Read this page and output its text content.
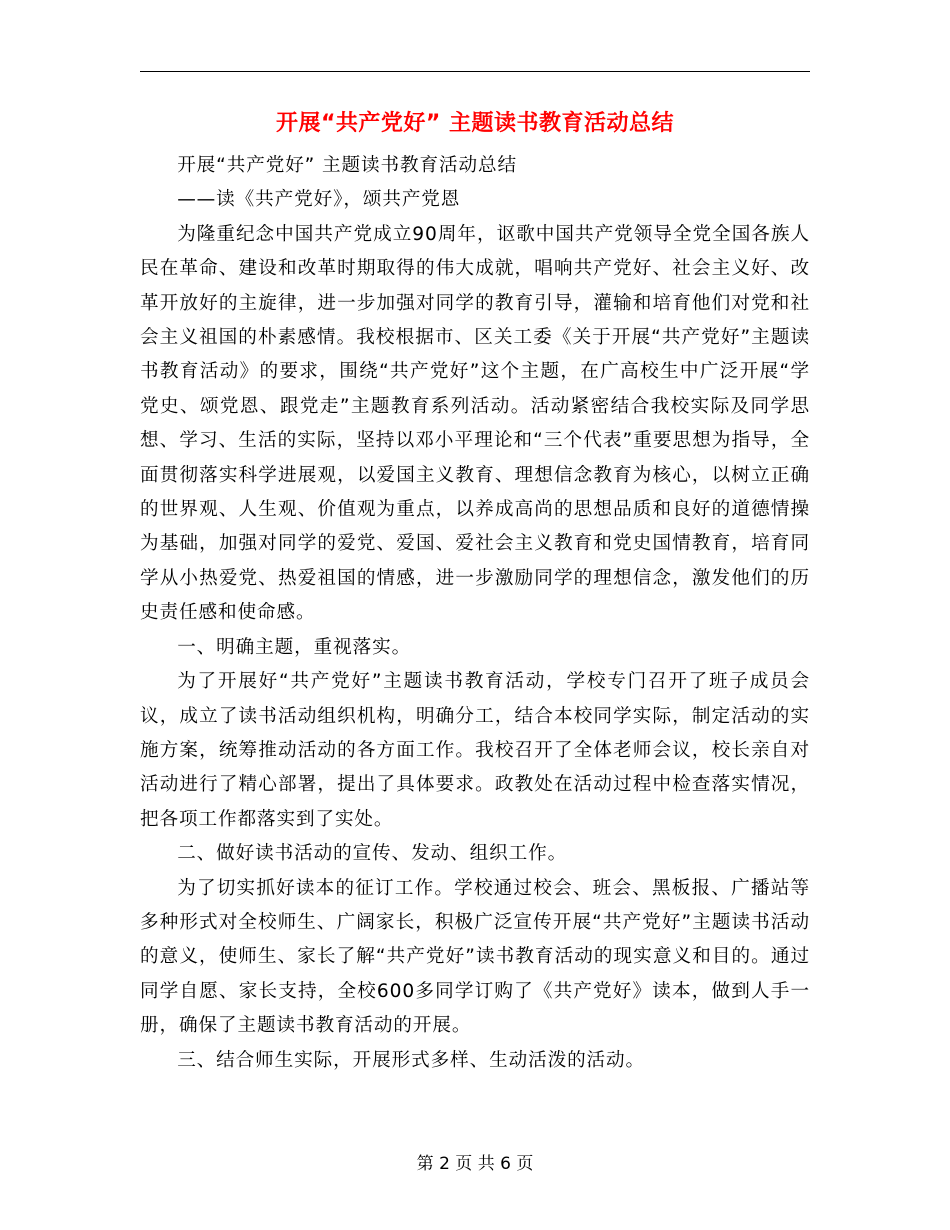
开展“共产党好” 主题读书教育活动总结

开展“共产党好” 主题读书教育活动总结

——读《共产党好》，颂共产党恩

为隆重纪念中国共产党成立90周年，讴歌中国共产党领导全党全国各族人民在革命、建设和改革时期取得的伟大成就，唱响共产党好、社会主义好、改革开放好的主旋律，进一步加强对同学的教育引导，灌输和培育他们对党和社会主义祖国的朴素感情。我校根据市、区关工委《关于开展“共产党好”主题读书教育活动》的要求，围绕“共产党好”这个主题，在广高校生中广泛开展“学党史、颂党恩、跟党走”主题教育系列活动。活动紧密结合我校实际及同学思想、学习、生活的实际，坚持以邓小平理论和“三个代表”重要思想为指导，全面贯彻落实科学进展观，以爱国主义教育、理想信念教育为核心，以树立正确的世界观、人生观、价值观为重点，以养成高尚的思想品质和良好的道德情操为基础，加强对同学的爱党、爱国、爱社会主义教育和党史国情教育，培育同学从小热爱党、热爱祖国的情感，进一步激励同学的理想信念，激发他们的历史责任感和使命感。

一、明确主题，重视落实。

为了开展好“共产党好”主题读书教育活动，学校专门召开了班子成员会议，成立了读书活动组织机构，明确分工，结合本校同学实际，制定活动的实施方案，统筹推动活动的各方面工作。我校召开了全体老师会议，校长亲自对活动进行了精心部署，提出了具体要求。政教处在活动过程中检查落实情况，把各项工作都落实到了实处。

二、做好读书活动的宣传、发动、组织工作。

为了切实抓好读本的征订工作。学校通过校会、班会、黑板报、广播站等多种形式对全校师生、广阔家长，积极广泛宣传开展“共产党好”主题读书活动的意义，使师生、家长了解“共产党好”读书教育活动的现实意义和目的。通过同学自愿、家长支持，全校600多同学订购了《共产党好》读本，做到人手一册，确保了主题读书教育活动的开展。

三、结合师生实际，开展形式多样、生动活泼的活动。

第 2 页 共 6 页
